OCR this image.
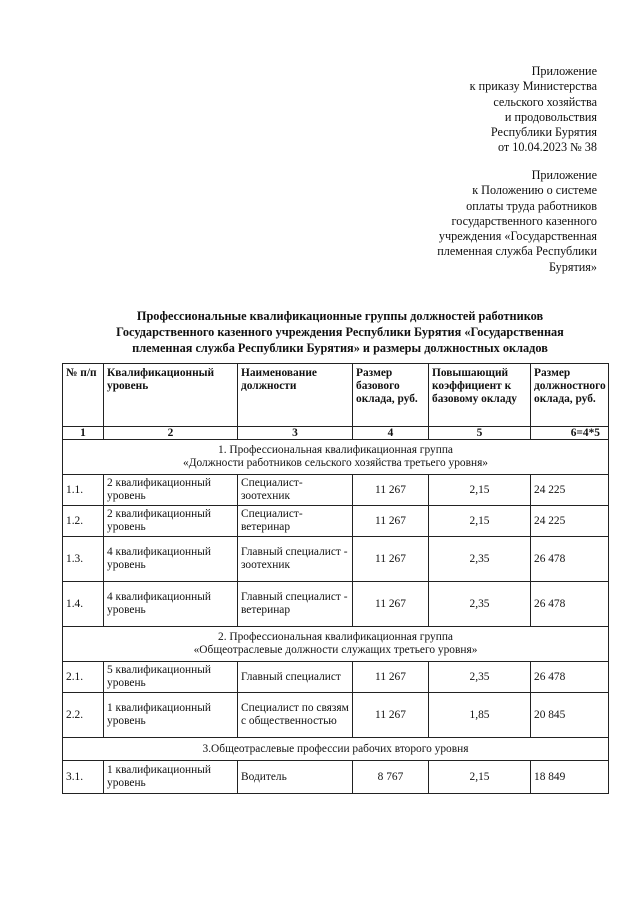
Приложение
к приказу Министерства
сельского хозяйства
и продовольствия
Республики Бурятия
от 10.04.2023 № 38
Приложение
к Положению о системе
оплаты труда работников
государственного казенного
учреждения «Государственная
племенная служба Республики
Бурятия»
Профессиональные квалификационные группы должностей работников
Государственного казенного учреждения Республики Бурятия «Государственная
племенная служба Республики Бурятия» и размеры должностных окладов
№ п/п	Квалификационный уровень	Наименование должности	Размер базового оклада, руб.	Повышающий коэффициент к базовому окладу	Размер должностного оклада, руб.
1	2	3	4	5	6=4*5

1. Профессиональная квалификационная группа
«Должности работников сельского хозяйства третьего уровня»					

1.1.	2 квалификационный уровень	Специалист-зоотехник	11 267	2,15	24 225
1.2.	2 квалификационный уровень	Специалист-ветеринар	11 267	2,15	24 225
1.3.	4 квалификационный уровень	Главный специалист - зоотехник	11 267	2,35	26 478
1.4.	4 квалификационный уровень	Главный специалист - ветеринар	11 267	2,35	26 478

2. Профессиональная квалификационная группа
«Общеотраслевые должности служащих третьего уровня»					

2.1.	5 квалификационный уровень	Главный специалист	11 267	2,35	26 478
2.2.	1 квалификационный уровень	Специалист по связям с общественностью	11 267	1,85	20 845

3.Общеотраслевые профессии рабочих второго уровня					

3.1.	1 квалификационный уровень	Водитель	8 767	2,15	18 849
